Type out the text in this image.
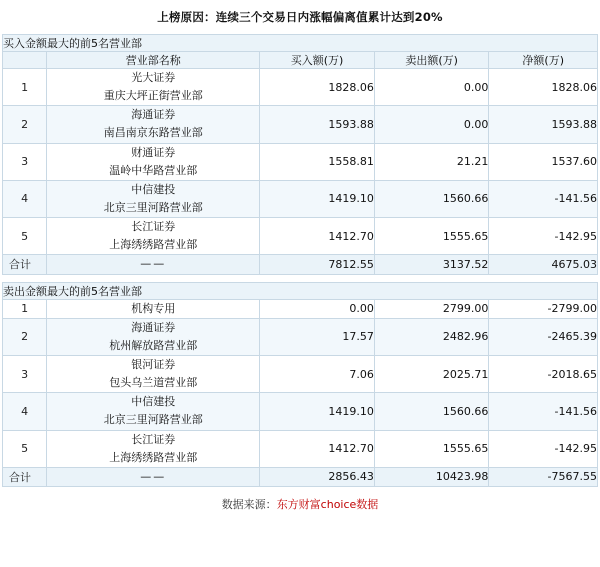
上榜原因：连续三个交易日内涨幅偏离值累计达到20%
买入金额最大的前5名营业部				
	营业部名称	买入额(万)	卖出额(万)	净额(万)
1	光大证券
重庆大坪正街营业部	1828.06	0.00	1828.06
2	海通证券
南昌南京东路营业部	1593.88	0.00	1593.88
3	财通证券
温岭中华路营业部	1558.81	21.21	1537.60
4	中信建投
北京三里河路营业部	1419.10	1560.66	-141.56
5	长江证券
上海绣绣路营业部	1412.70	1555.65	-142.95
合计	——	7812.55	3137.52	4675.03
卖出金额最大的前5名营业部				
1	机构专用	0.00	2799.00	-2799.00
2	海通证券
杭州解放路营业部	17.57	2482.96	-2465.39
3	银河证券
包头乌兰道营业部	7.06	2025.71	-2018.65
4	中信建投
北京三里河路营业部	1419.10	1560.66	-141.56
5	长江证券
上海绣绣路营业部	1412.70	1555.65	-142.95
合计	——	2856.43	10423.98	-7567.55
数据来源：东方财富choice数据
